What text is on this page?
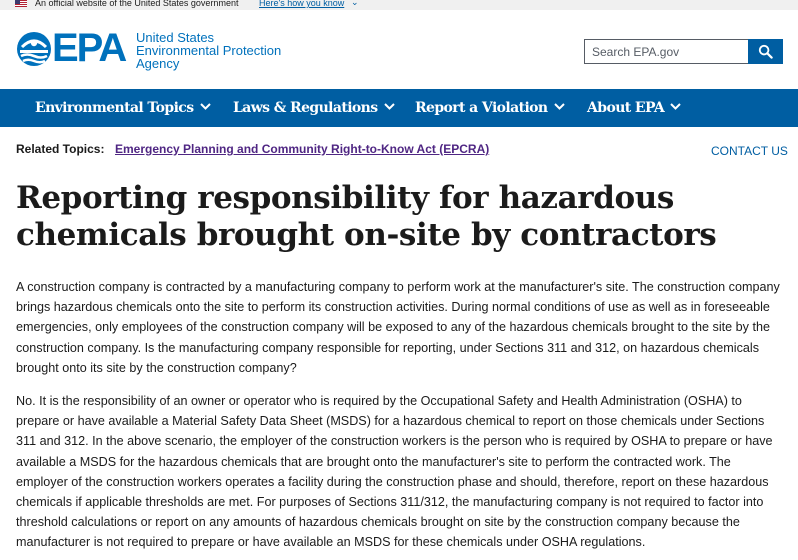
An official website of the United States government Here's how you know ⌄
EPA United States
Environmental Protection
Agency
Search EPA.gov
Environmental Topics	Laws & Regulations	Report a Violation	About EPA
Related Topics: Emergency Planning and Community Right-to-Know Act (EPCRA)	CONTACT US
Reporting responsibility for hazardous chemicals brought on-site by contractors

A construction company is contracted by a manufacturing company to perform work at the manufacturer's site. The construction company brings hazardous chemicals onto the site to perform its construction activities. During normal conditions of use as well as in foreseeable emergencies, only employees of the construction company will be exposed to any of the hazardous chemicals brought to the site by the construction company. Is the manufacturing company responsible for reporting, under Sections 311 and 312, on hazardous chemicals brought onto its site by the construction company?

No. It is the responsibility of an owner or operator who is required by the Occupational Safety and Health Administration (OSHA) to prepare or have available a Material Safety Data Sheet (MSDS) for a hazardous chemical to report on those chemicals under Sections 311 and 312. In the above scenario, the employer of the construction workers is the person who is required by OSHA to prepare or have available a MSDS for the hazardous chemicals that are brought onto the manufacturer's site to perform the contracted work. The employer of the construction workers operates a facility during the construction phase and should, therefore, report on these hazardous chemicals if applicable thresholds are met. For purposes of Sections 311/312, the manufacturing company is not required to factor into threshold calculations or report on any amounts of hazardous chemicals brought on site by the construction company because the manufacturer is not required to prepare or have available an MSDS for these chemicals under OSHA regulations.
